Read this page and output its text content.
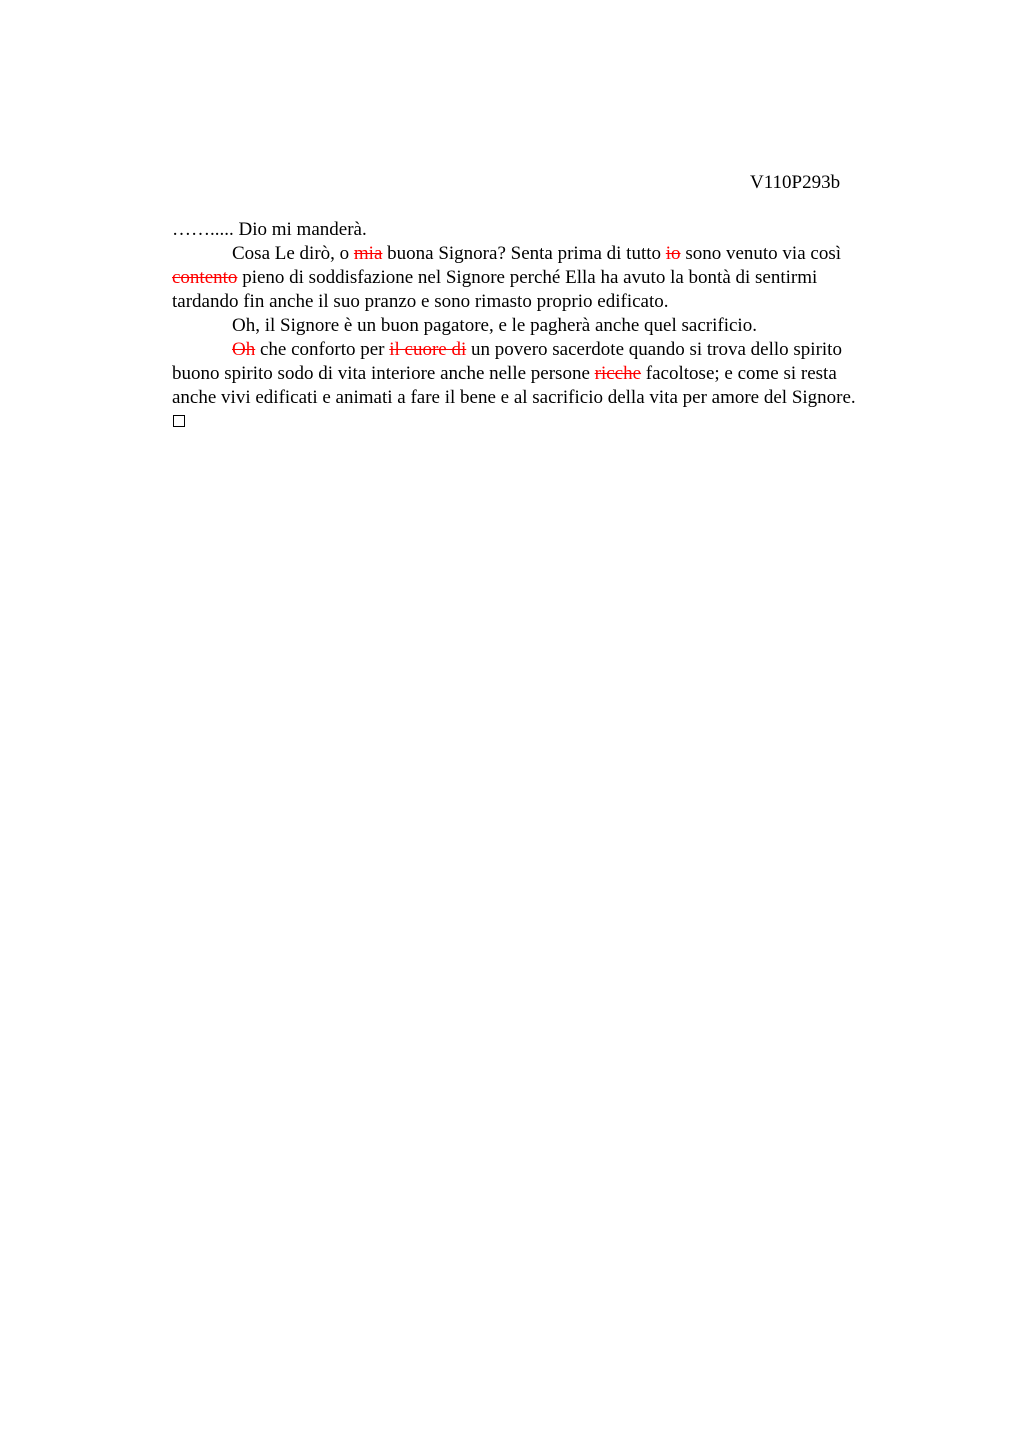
V110P293b
……..... Dio mi manderà.
Cosa Le dirò, o mia buona Signora? Senta prima di tutto io sono venuto via così
contento pieno di soddisfazione nel Signore perché Ella ha avuto la bontà di sentirmi
tardando fin anche il suo pranzo e sono rimasto proprio edificato.
Oh, il Signore è un buon pagatore, e le pagherà anche quel sacrificio.
Oh che conforto per il cuore di un povero sacerdote quando si trova dello spirito
buono spirito sodo di vita interiore anche nelle persone ricche facoltose; e come si resta
anche vivi edificati e animati a fare il bene e al sacrificio della vita per amore del Signore.
